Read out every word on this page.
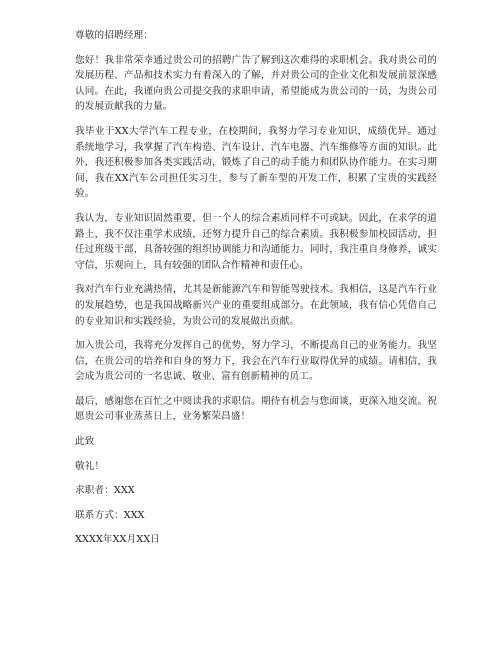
尊敬的招聘经理：

您好！我非常荣幸通过贵公司的招聘广告了解到这次难得的求职机会。我对贵公司的发展历程、产品和技术实力有着深入的了解，并对贵公司的企业文化和发展前景深感认同。在此，我谨向贵公司提交我的求职申请，希望能成为贵公司的一员，为贵公司的发展贡献我的力量。

我毕业于XX大学汽车工程专业，在校期间，我努力学习专业知识，成绩优异。通过系统地学习，我掌握了汽车构造、汽车设计、汽车电器、汽车维修等方面的知识。此外，我还积极参加各类实践活动，锻炼了自己的动手能力和团队协作能力。在实习期间，我在XX汽车公司担任实习生，参与了新车型的开发工作，积累了宝贵的实践经验。

我认为，专业知识固然重要，但一个人的综合素质同样不可或缺。因此，在求学的道路上，我不仅注重学术成绩，还努力提升自己的综合素质。我积极参加校园活动，担任过班级干部，具备较强的组织协调能力和沟通能力。同时，我注重自身修养，诚实守信，乐观向上，具有较强的团队合作精神和责任心。

我对汽车行业充满热情，尤其是新能源汽车和智能驾驶技术。我相信，这是汽车行业的发展趋势，也是我国战略新兴产业的重要组成部分。在此领域，我有信心凭借自己的专业知识和实践经验，为贵公司的发展做出贡献。

加入贵公司，我将充分发挥自己的优势，努力学习，不断提高自己的业务能力。我坚信，在贵公司的培养和自身的努力下，我会在汽车行业取得优异的成绩。请相信，我会成为贵公司的一名忠诚、敬业、富有创新精神的员工。

最后，感谢您在百忙之中阅读我的求职信。期待有机会与您面谈，更深入地交流。祝愿贵公司事业蒸蒸日上，业务繁荣昌盛！

此致

敬礼！

求职者：XXX

联系方式：XXX

XXXX年XX月XX日
